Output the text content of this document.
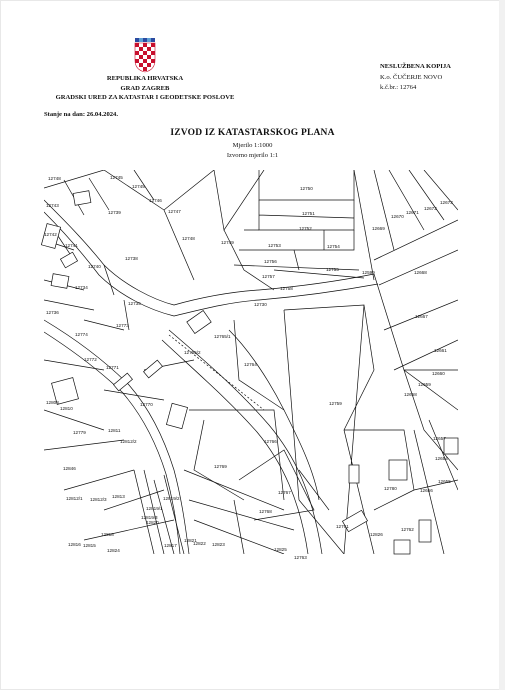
REPUBLIKA HRVATSKA
GRAD ZAGREB
GRADSKI URED ZA KATASTAR I GEODETSKE POSLOVE
NESLUŽBENA KOPIJA
K.o. ČUČERJE NOVO
k.č.br.: 12764
Stanje na dan: 26.04.2024.
IZVOD IZ KATASTARSKOG PLANA
Mjerilo 1:1000
Izvorno mjerilo 1:1
12748	12745
12745
12743
12746
12747
12742
12739
12750
12751
12752
12673
12672
12671
12670
12669
12748
12749
12753	12754
12756
12755
12757
12758
12738
12741
12740
12734
12735
12736
12599	12668
12667
12730
12774
12773
12765/1
12765/2
12772
12764
12771
12661
12660
12659
12658
12808
12810
12770	12759
12779	12811
12812/2
12657
12766
12654
12846	12769
12655
12780	12656
12812/1 12812/3
12813	12819/2
12767
12768
12819/1
12819/3
12818
12820
12821
12822 12823
12817
12816 12815
12824	12825
12763
12762
12761
12826
